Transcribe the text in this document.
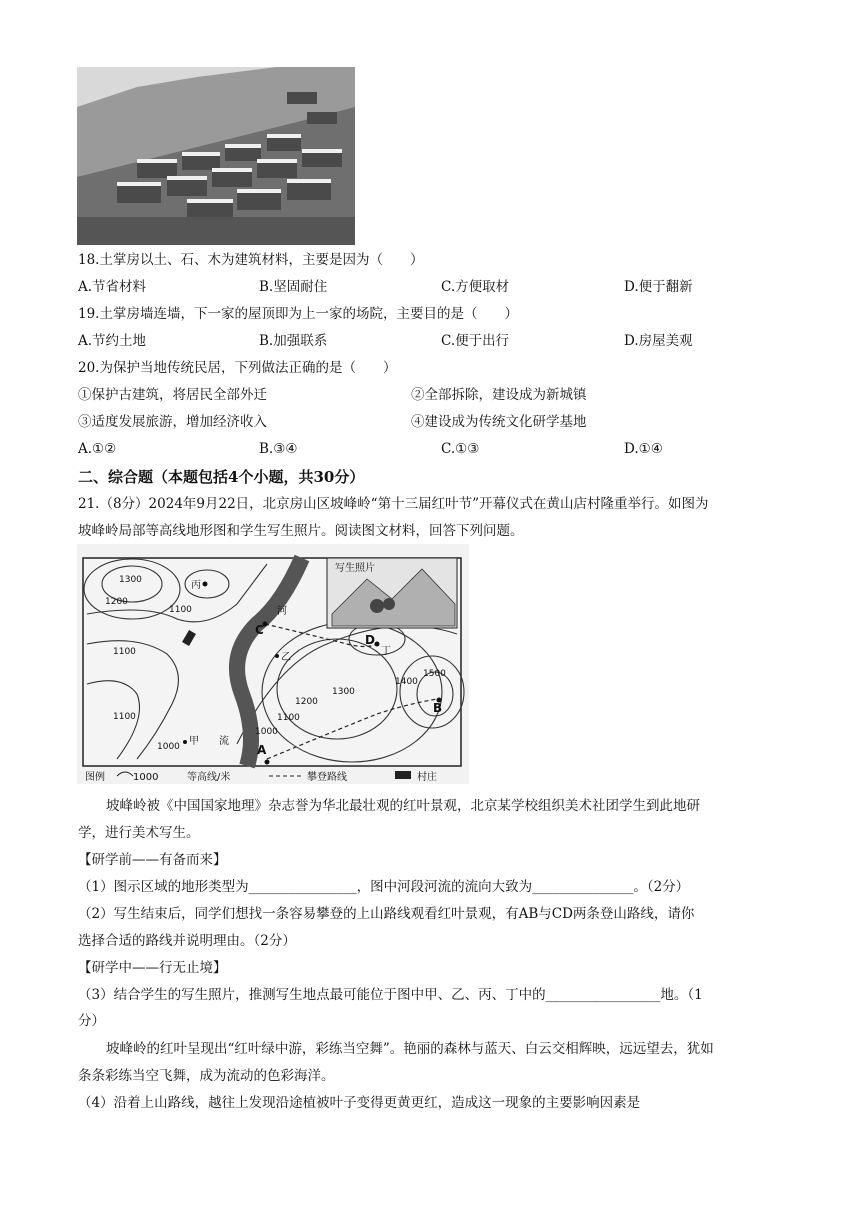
18.土掌房以土、石、木为建筑材料，主要是因为（　　）
A.节省材料	B.坚固耐住	C.方便取材	D.便于翻新
19.土掌房墙连墙，下一家的屋顶即为上一家的场院，主要目的是（　　）
A.节约土地	B.加强联系	C.便于出行	D.房屋美观
20.为保护当地传统民居，下列做法正确的是（　　）
①保护古建筑，将居民全部外迁	②全部拆除，建设成为新城镇
③适度发展旅游，增加经济收入	④建设成为传统文化研学基地
A.①②	B.③④	C.①③	D.①④
二、综合题（本题包括4个小题，共30分）
21.（8分）2024年9月22日，北京房山区坡峰岭“第十三届红叶节”开幕仪式在黄山店村隆重举行。如图为
坡峰岭局部等高线地形图和学生写生照片。阅读图文材料，回答下列问题。
写生照片
C
D
A
B
丙
丁
乙
甲
河
流
1300
1200
1100
1100
1100
1000
1000
1100
1200
1300
1400
1500
图例	1000	等高线/米	攀登路线	村庄
坡峰岭被《中国国家地理》杂志誉为华北最壮观的红叶景观，北京某学校组织美术社团学生到此地研
学，进行美术写生。
【研学前——有备而来】
（1）图示区域的地形类型为________________，图中河段河流的流向大致为_______________。（2分）
（2）写生结束后，同学们想找一条容易攀登的上山路线观看红叶景观，有AB与CD两条登山路线，请你
选择合适的路线并说明理由。（2分）
【研学中——行无止境】
（3）结合学生的写生照片，推测写生地点最可能位于图中甲、乙、丙、丁中的_________________地。（1
分）
坡峰岭的红叶呈现出“红叶绿中游，彩练当空舞”。艳丽的森林与蓝天、白云交相辉映，远远望去，犹如
条条彩练当空飞舞，成为流动的色彩海洋。
（4）沿着上山路线，越往上发现沿途植被叶子变得更黄更红，造成这一现象的主要影响因素是
